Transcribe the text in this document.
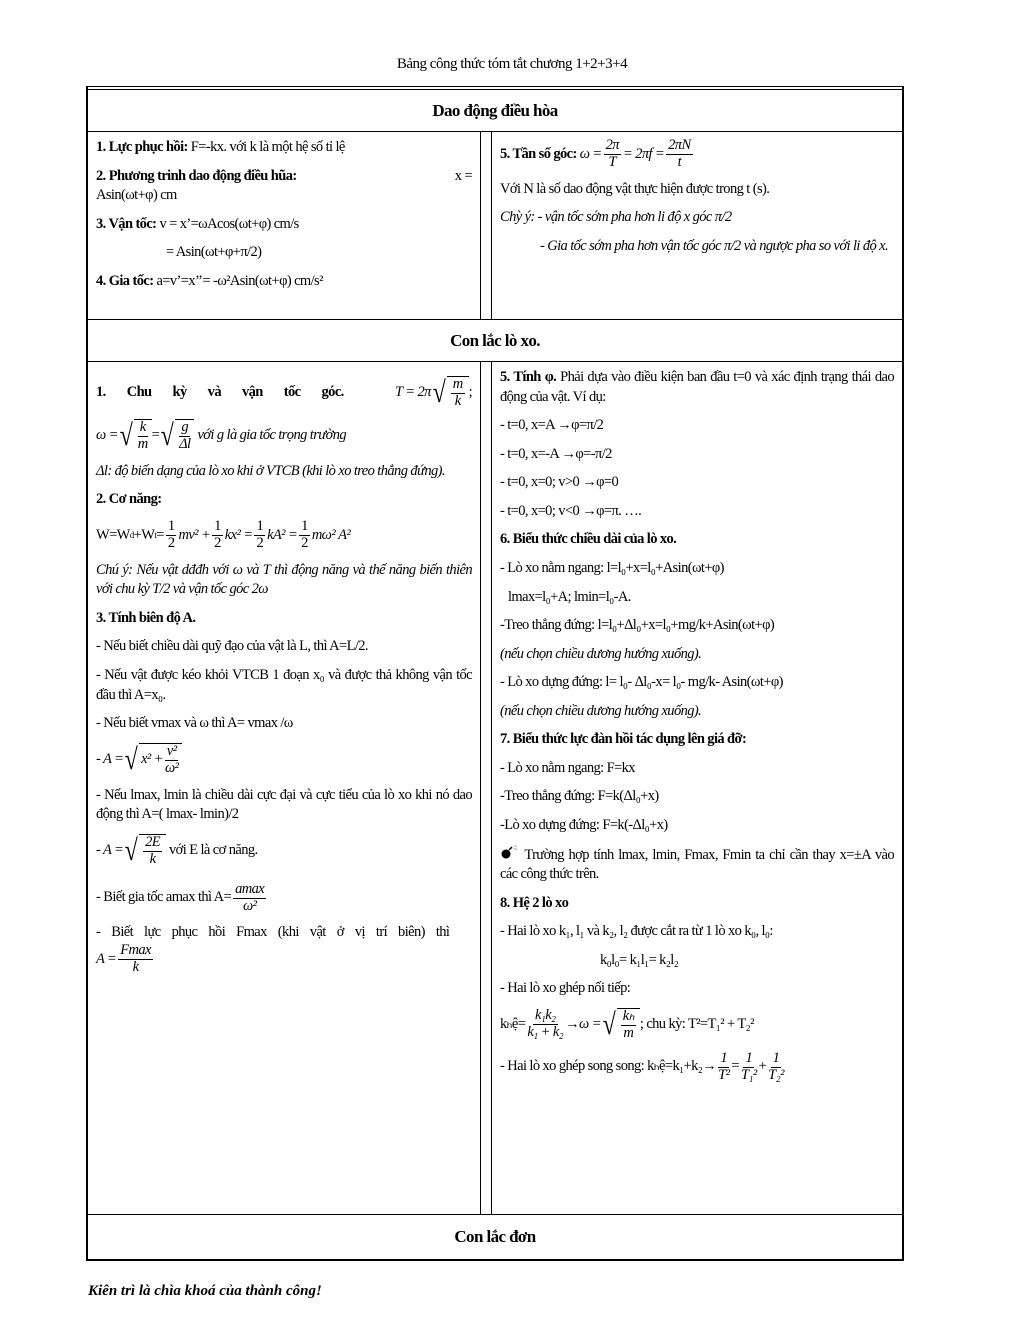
Bảng công thức tóm tắt chương 1+2+3+4
Dao động điều hòa

1. Lực phục hồi: F=-kx. với k là một hệ số tỉ lệ

2. Phương trinh dao động điều hũa:	x =

Asin(ωt+φ) cm

3. Vận tốc: v = x’=ωAcos(ωt+φ) cm/s

= Asin(ωt+φ+π/2)

4. Gia tốc: a=v’=x’’= -ω²Asin(ωt+φ) cm/s²

5. Tần số góc:
$\omega = \frac{2\pi}{T} = 2\pi f = \frac{2\pi N}{t}$

Với N là số dao động vật thực hiện được trong t (s).

Chỳ ý: - vận tốc sớm pha hơn li độ x góc π/2

- Gia tốc sớm pha hơn vận tốc góc π/2 và ngược pha so với li độ x.

Con lắc lò xo.

1. Chu kỳ và vận tốc góc.	T = 2π √ $\frac{m}{k}$ ;

ω = √ $\frac{k}{m}$ = √ $\frac{g}{\Delta l}$
với g là gia tốc trọng trường

Δl: độ biến dạng của lò xo khi ở VTCB (khi lò xo treo thẳng đứng).

2. Cơ năng:

W=W d +W $t = \frac{1}{2} mv^2 + \frac{1}{2} kx^2 = \frac{1}{2} kA^2 = \frac{1}{2} m\omega^2$ A²

Chú ý: Nếu vật dđđh với ω và T thì động năng và thế năng biến thiên với chu kỳ T/2 và vận tốc góc 2ω

3. Tính biên độ A.

- Nếu biết chiều dài quỹ đạo của vật là L, thì A=L/2.

- Nếu vật được kéo khỏi VTCB 1 đoạn x₀ và được thả không vận tốc đầu thì A=x₀.

- Nếu biết vmax và ω thì A= vmax /ω

- A = √ $x^2 + \frac{\text{v²}}{\text{ω²}}$

- Nếu lmax, lmin là chiều dài cực đại và cực tiểu của lò xo khi nó dao động thì A=( lmax- lmin)/2

- A = √ $\frac{2E}{k}$
với E là cơ năng.

- Biết gia tốc amax thì $A= \frac{amax}{\text{ω²}}$

- Biết lực phục hồi Fmax (khi vật ở vị trí biên) thì

$A = \frac{Fmax}{k}$

5. Tính φ. Phải dựa vào điều kiện ban đầu t=0 và xác định trạng thái dao động của vật. Ví dụ:

- t=0, x=A →φ=π/2

- t=0, x=-A →φ=-π/2

- t=0, x=0; v>0 →φ=0

- t=0, x=0; v<0 →φ=π. ….

6. Biểu thức chiều dài của lò xo.

- Lò xo nằm ngang: l=l₀+x=l₀+Asin(ωt+φ)

lmax=l₀+A; lmin=l₀-A.

-Treo thẳng đứng: l=l₀+Δl₀+x=l₀+mg/k+Asin(ωt+φ)

(nếu chọn chiều dương hướng xuống).

- Lò xo dựng đứng: l= l₀- Δl₀-x= l₀- mg/k- Asin(ωt+φ)

(nếu chọn chiều dương hướng xuống).

7. Biểu thức lực đàn hồi tác dụng lên giá đỡ:

- Lò xo nằm ngang: F=kx

-Treo thẳng đứng: F=k(Δl₀+x)

-Lò xo dựng đứng: F=k(-Δl₀+x)

Trường hợp tính lmax, lmin, Fmax, Fmin ta chỉ cần thay x=±A vào các công thức trên.

8. Hệ 2 lò xo

- Hai lò xo k₁, l₁ và k₂, l₂ được cắt ra từ 1 lò xo k₀, l₀:

k₀l₀= k₁l₁= k₂l₂

- Hai lò xo ghép nối tiếp:

kₕệ= $\frac{\text{k₁k₂}}{\text{k₁ + k₂}} \to\omega$ = √ $\frac{\text{kₕ}}{m}$ ; chu kỳ: T²=T₁² + T₂²

- Hai lò xo ghép song song: kₕệ=k₁+k₂→ $\frac{1}{\text{T²}} = \frac{1}{\text{T₁²}} + \frac{1}{\text{T₂²}}$

Con lắc đơn
Kiên trì là chìa khoá của thành công!
